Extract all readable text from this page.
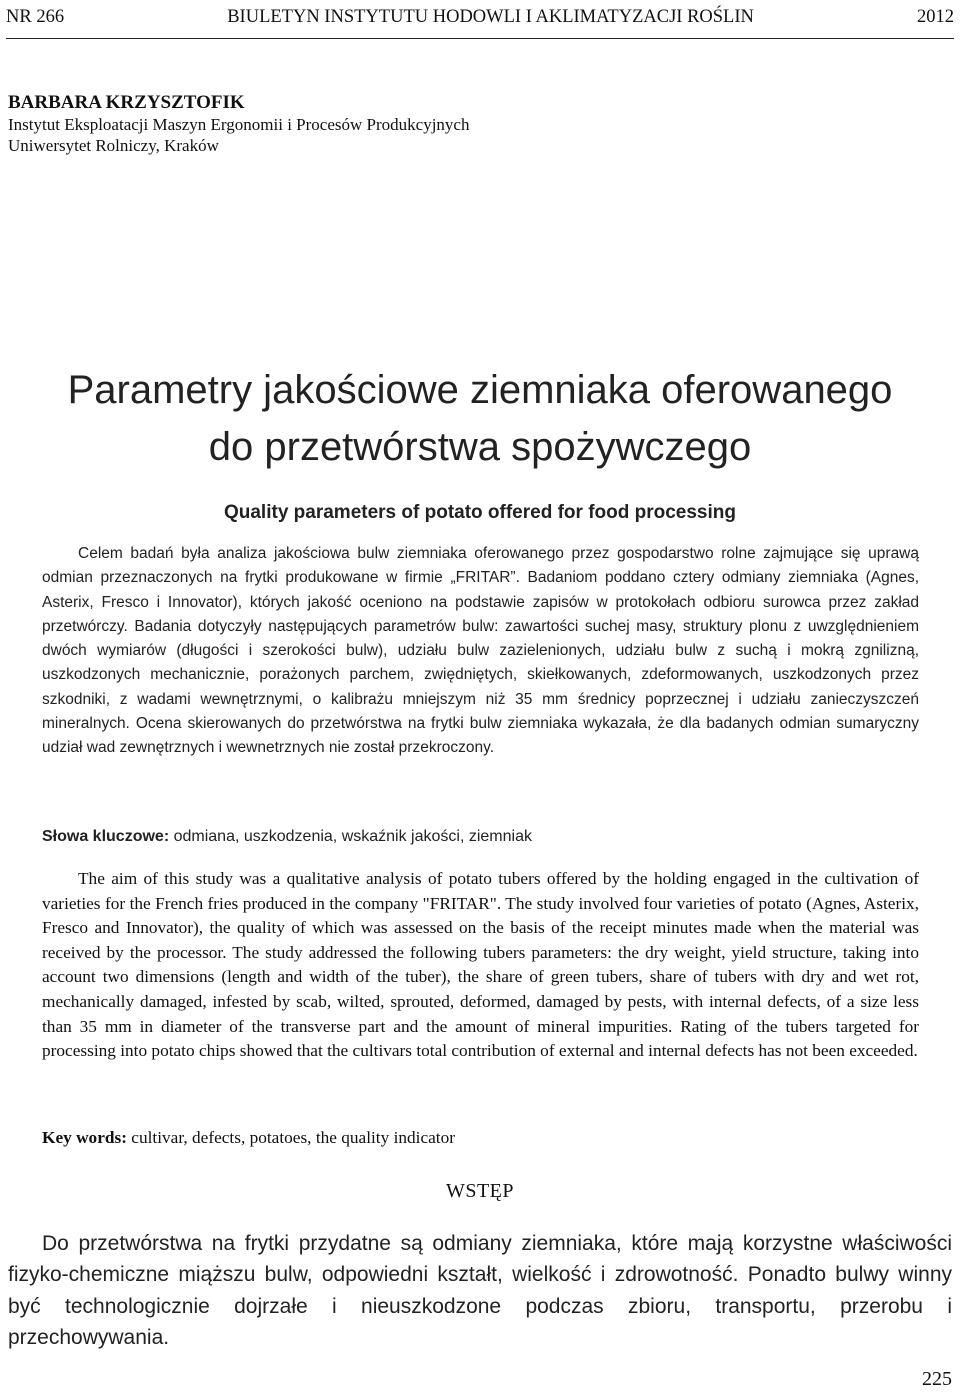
NR 266	BIULETYN INSTYTUTU HODOWLI I AKLIMATYZACJI ROŚLIN	2012
BARBARA KRZYSZTOFIK
Instytut Eksploatacji Maszyn Ergonomii i Procesów Produkcyjnych
Uniwersytet Rolniczy, Kraków
Parametry jakościowe ziemniaka oferowanego
do przetwórstwa spożywczego
Quality parameters of potato offered for food processing

Celem badań była analiza jakościowa bulw ziemniaka oferowanego przez gospodarstwo rolne zajmujące się uprawą odmian przeznaczonych na frytki produkowane w firmie „FRITAR”. Badaniom poddano cztery odmiany ziemniaka (Agnes, Asterix, Fresco i Innovator), których jakość oceniono na podstawie zapisów w protokołach odbioru surowca przez zakład przetwórczy. Badania dotyczyły następujących parametrów bulw: zawartości suchej masy, struktury plonu z uwzględnieniem dwóch wymiarów (długości i szerokości bulw), udziału bulw zazielenionych, udziału bulw z suchą i mokrą zgnilizną, uszkodzonych mechanicznie, porażonych parchem, zwiędniętych, skiełkowanych, zdeformowanych, uszkodzonych przez szkodniki, z wadami wewnętrznymi, o kalibrażu mniejszym niż 35 mm średnicy poprzecznej i udziału zanieczyszczeń mineralnych. Ocena skierowanych do przetwórstwa na frytki bulw ziemniaka wykazała, że dla badanych odmian sumaryczny udział wad zewnętrznych i wewnetrznych nie został przekroczony.

Słowa kluczowe: odmiana, uszkodzenia, wskaźnik jakości, ziemniak

The aim of this study was a qualitative analysis of potato tubers offered by the holding engaged in the cultivation of varieties for the French fries produced in the company "FRITAR". The study involved four varieties of potato (Agnes, Asterix, Fresco and Innovator), the quality of which was assessed on the basis of the receipt minutes made when the material was received by the processor. The study addressed the following tubers parameters: the dry weight, yield structure, taking into account two dimensions (length and width of the tuber), the share of green tubers, share of tubers with dry and wet rot, mechanically damaged, infested by scab, wilted, sprouted, deformed, damaged by pests, with internal defects, of a size less than 35 mm in diameter of the transverse part and the amount of mineral impurities. Rating of the tubers targeted for processing into potato chips showed that the cultivars total contribution of external and internal defects has not been exceeded.

Key words: cultivar, defects, potatoes, the quality indicator
WSTĘP

Do przetwórstwa na frytki przydatne są odmiany ziemniaka, które mają korzystne właściwości fizyko-chemiczne miąższu bulw, odpowiedni kształt, wielkość i zdrowotność. Ponadto bulwy winny być technologicznie dojrzałe i nieuszkodzone podczas zbioru, transportu, przerobu i przechowywania.

225
